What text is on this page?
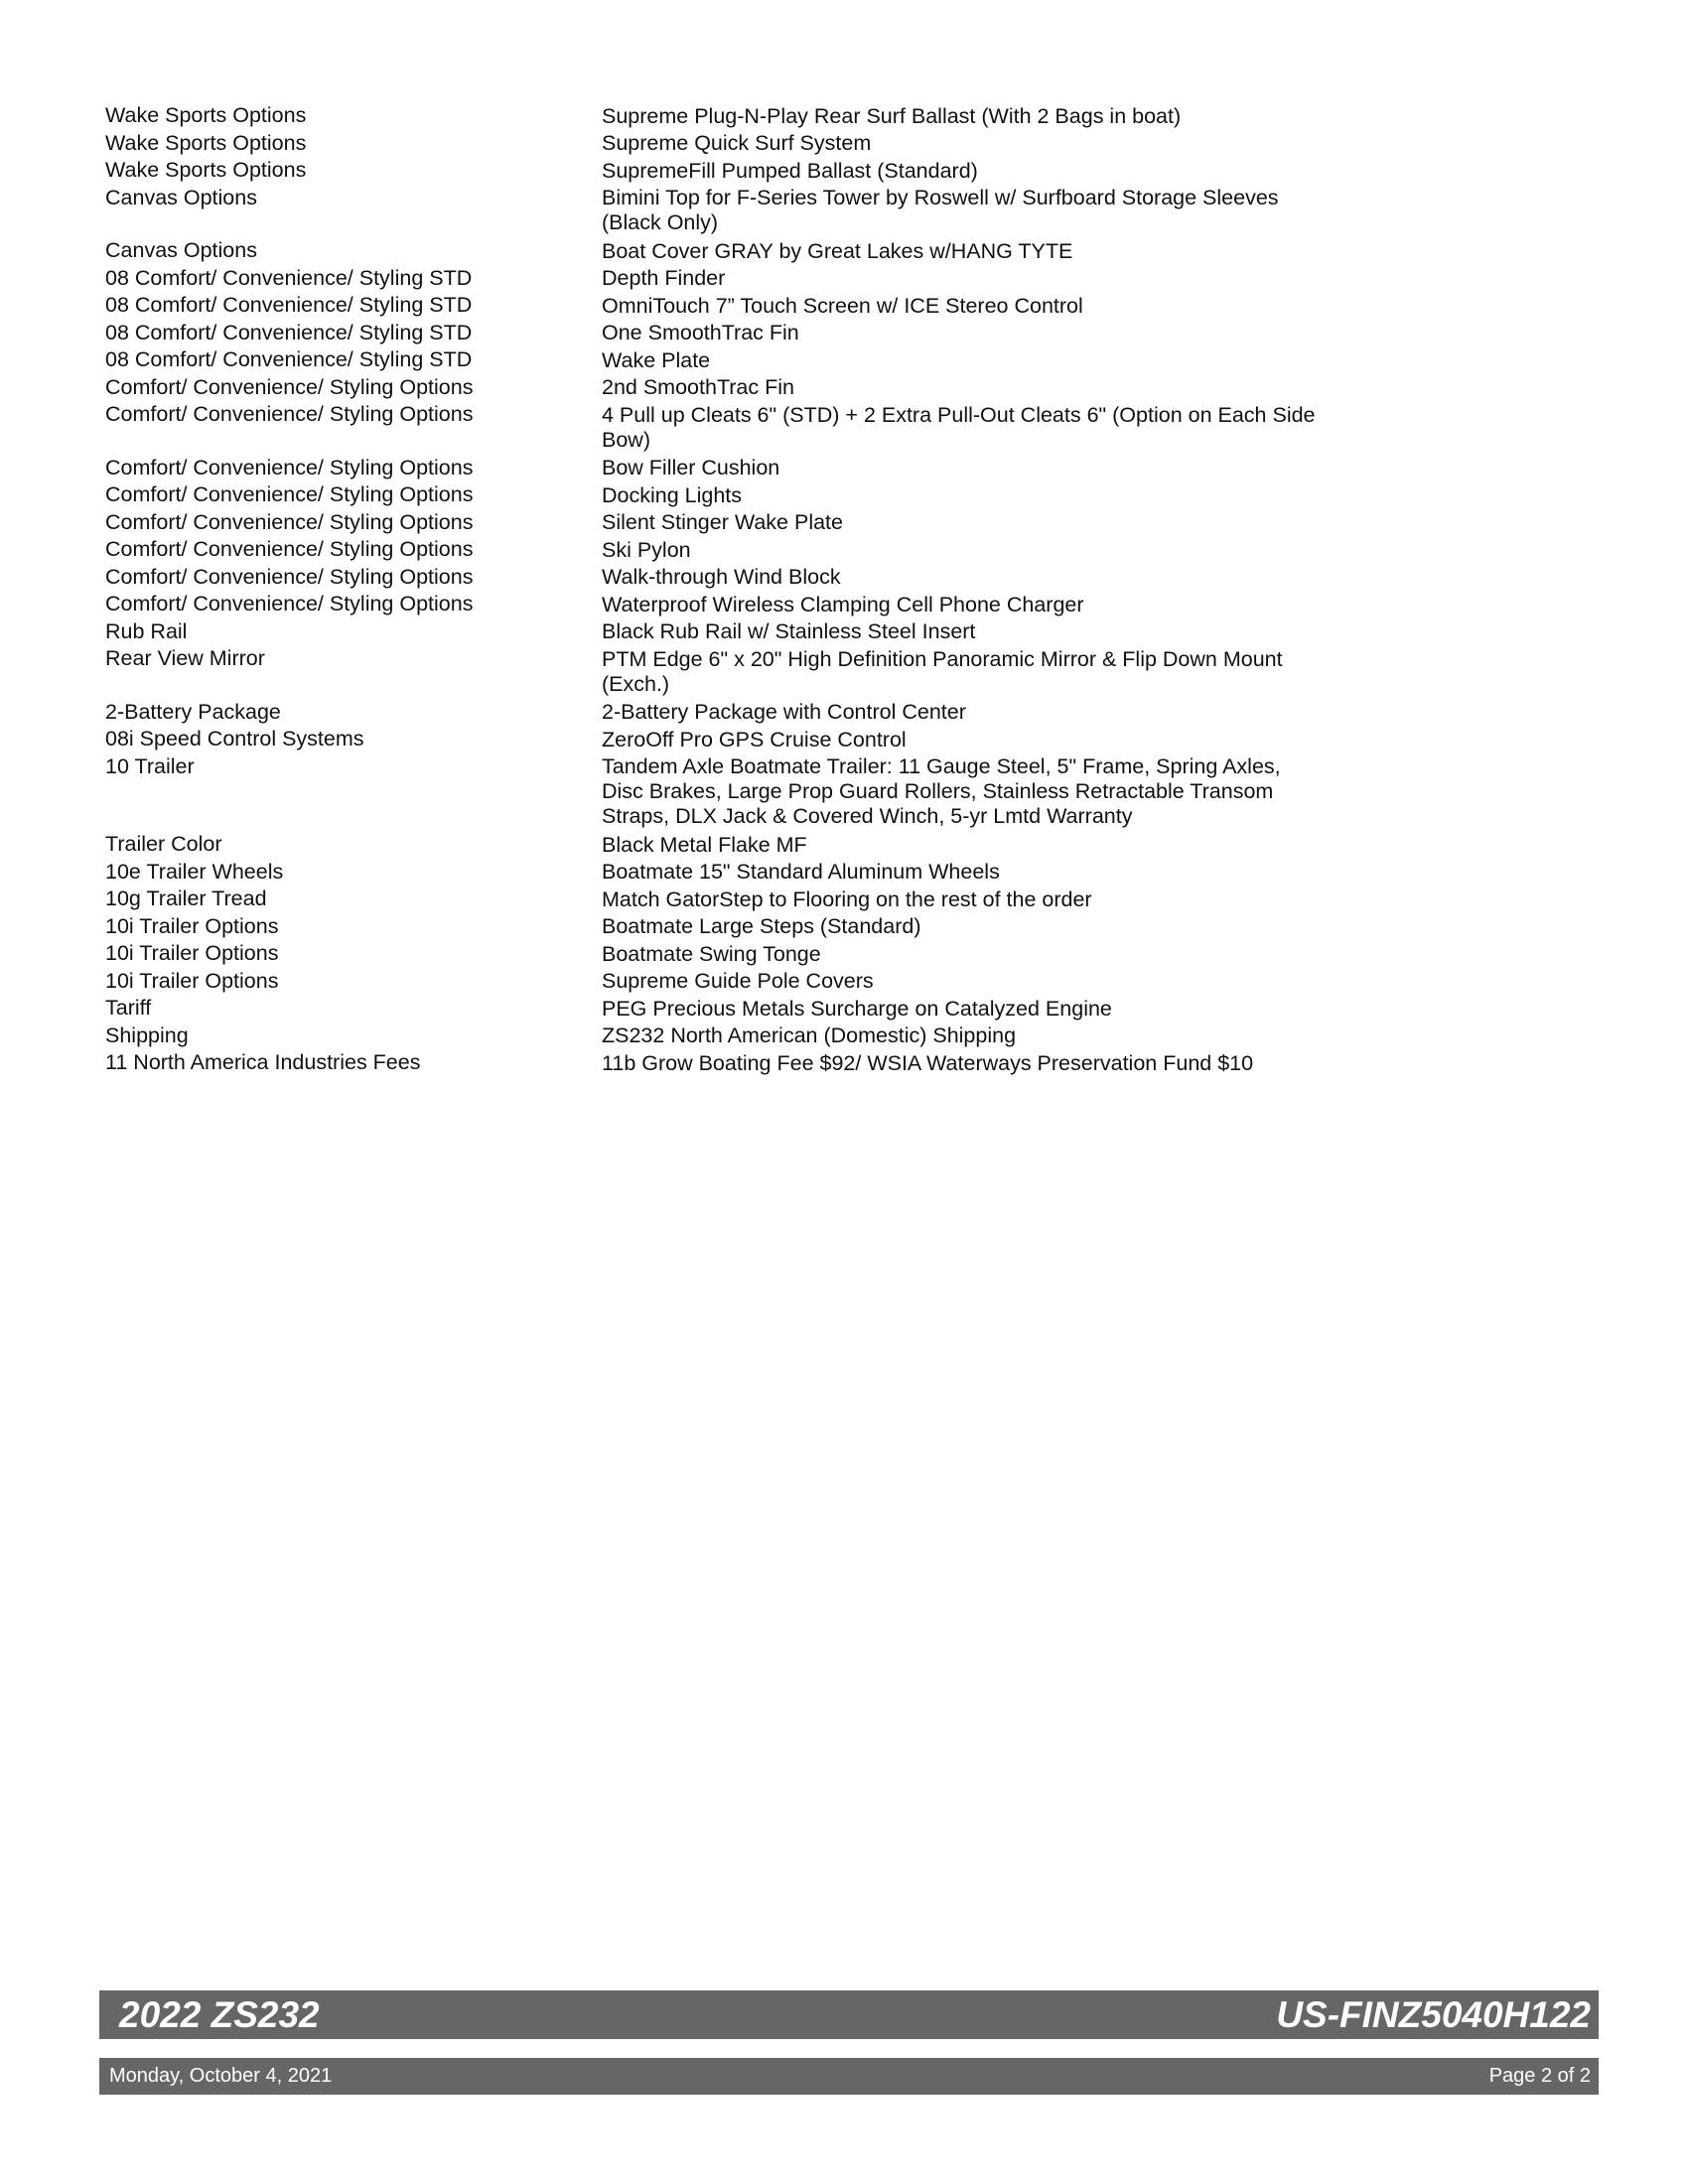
Wake Sports Options	Supreme Plug-N-Play Rear Surf Ballast (With 2 Bags in boat)
Wake Sports Options	Supreme Quick Surf System
Wake Sports Options	SupremeFill Pumped Ballast (Standard)
Canvas Options	Bimini Top for F-Series Tower by Roswell w/ Surfboard Storage Sleeves (Black Only)
Canvas Options	Boat Cover GRAY by Great Lakes w/HANG TYTE
08 Comfort/ Convenience/ Styling STD	Depth Finder
08 Comfort/ Convenience/ Styling STD	OmniTouch 7” Touch Screen w/ ICE Stereo Control
08 Comfort/ Convenience/ Styling STD	One SmoothTrac Fin
08 Comfort/ Convenience/ Styling STD	Wake Plate
Comfort/ Convenience/ Styling Options	2nd SmoothTrac Fin
Comfort/ Convenience/ Styling Options	4 Pull up Cleats 6" (STD) + 2 Extra Pull-Out Cleats 6" (Option on Each Side Bow)
Comfort/ Convenience/ Styling Options	Bow Filler Cushion
Comfort/ Convenience/ Styling Options	Docking Lights
Comfort/ Convenience/ Styling Options	Silent Stinger Wake Plate
Comfort/ Convenience/ Styling Options	Ski Pylon
Comfort/ Convenience/ Styling Options	Walk-through Wind Block
Comfort/ Convenience/ Styling Options	Waterproof Wireless Clamping Cell Phone Charger
Rub Rail	Black Rub Rail w/ Stainless Steel Insert
Rear View Mirror	PTM Edge 6" x 20" High Definition Panoramic Mirror & Flip Down Mount (Exch.)
2-Battery Package	2-Battery Package with Control Center
08i Speed Control Systems	ZeroOff Pro GPS Cruise Control
10 Trailer	Tandem Axle Boatmate Trailer: 11 Gauge Steel, 5" Frame, Spring Axles, Disc Brakes, Large Prop Guard Rollers, Stainless Retractable Transom Straps, DLX Jack & Covered Winch, 5-yr Lmtd Warranty
Trailer Color	Black Metal Flake MF
10e Trailer Wheels	Boatmate 15" Standard Aluminum Wheels
10g Trailer Tread	Match GatorStep to Flooring on the rest of the order
10i Trailer Options	Boatmate Large Steps (Standard)
10i Trailer Options	Boatmate Swing Tonge
10i Trailer Options	Supreme Guide Pole Covers
Tariff	PEG Precious Metals Surcharge on Catalyzed Engine
Shipping	ZS232 North American (Domestic) Shipping
11 North America Industries Fees	11b Grow Boating Fee $92/ WSIA Waterways Preservation Fund $10
2022 ZS232	US-FINZ5040H122
Monday, October 4, 2021	Page 2 of 2
